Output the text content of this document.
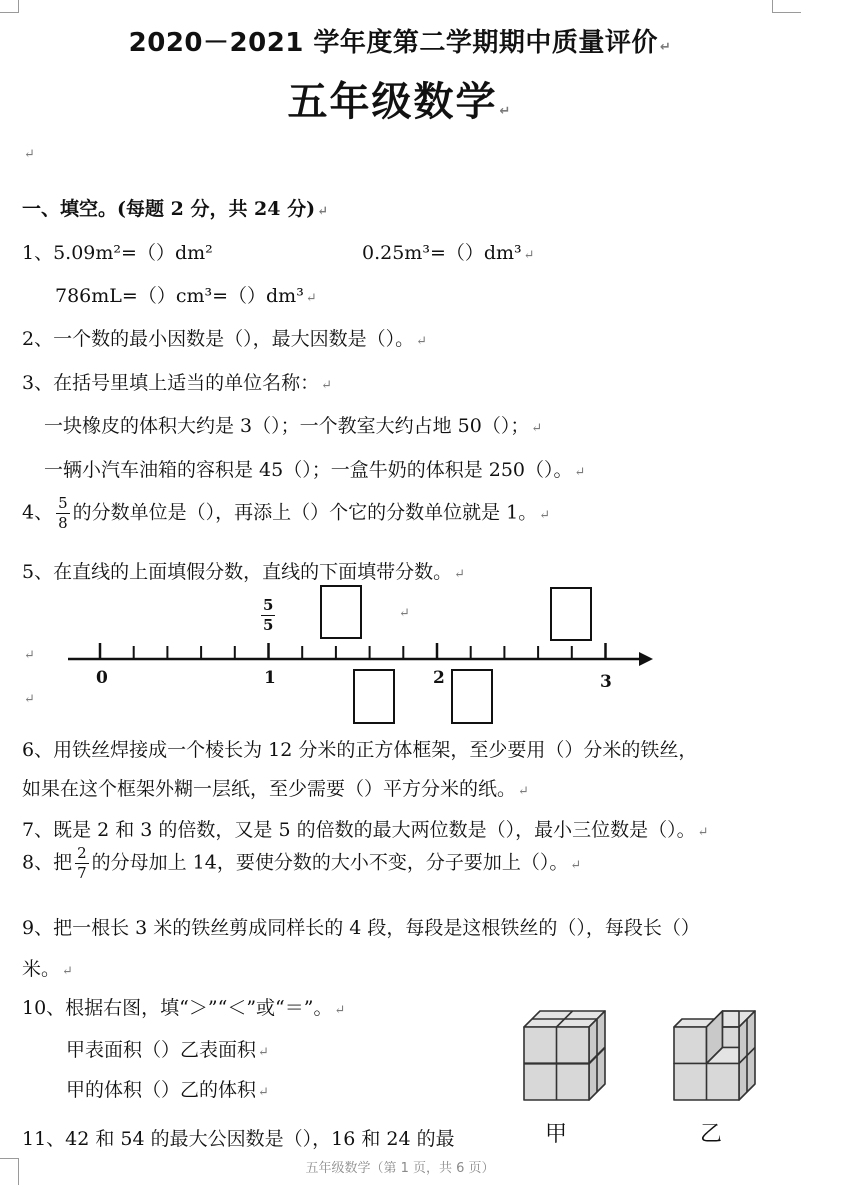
2020－2021 学年度第二学期期中质量评价 ↵
五年级数学 ↵
↵
一、填空。(每题 2 分，共 24 分) ↵
1、5.09m²=（）dm²	0.25m³=（）dm³ ↵
786mL=（）cm³=（）dm³ ↵
2、一个数的最小因数是（），最大因数是（）。 ↵
3、在括号里填上适当的单位名称： ↵
一块橡皮的体积大约是 3（）；一个教室大约占地 50（）； ↵
一辆小汽车油箱的容积是 45（）；一盒牛奶的体积是 250（）。 ↵
4、 $\frac{5}{8}$ 的分数单位是（），再添上（）个它的分数单位就是 1。 ↵
5、在直线的上面填假分数，直线的下面填带分数。 ↵
$\frac{5}{5}$	↵
↵
0	1	2	3
↵
6、用铁丝焊接成一个棱长为 12 分米的正方体框架，至少要用（）分米的铁丝，
如果在这个框架外糊一层纸，至少需要（）平方分米的纸。 ↵
7、既是 2 和 3 的倍数，又是 5 的倍数的最大两位数是（），最小三位数是（）。 ↵
8、把 $\frac{2}{7}$ 的分母加上 14，要使分数的大小不变，分子要加上（）。 ↵
9、把一根长 3 米的铁丝剪成同样长的 4 段，每段是这根铁丝的（），每段长（）
米。 ↵
10、根据右图，填“＞”“＜”或“＝”。 ↵
甲表面积（）乙表面积 ↵
甲的体积（）乙的体积 ↵
甲	乙
11、42 和 54 的最大公因数是（），16 和 24 的最
五年级数学（第 1 页，共 6 页）
